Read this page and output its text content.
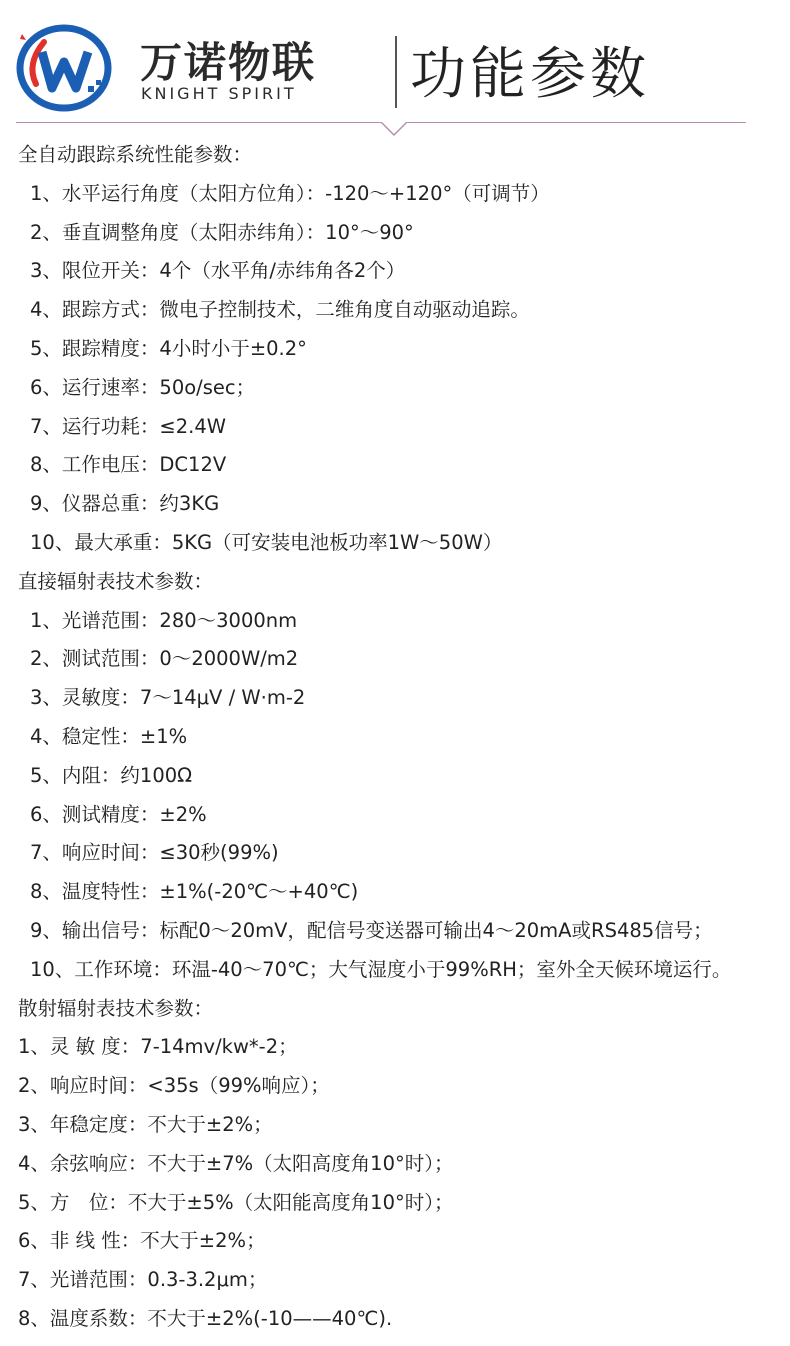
万诺物联
KNIGHT SPIRIT 功能参数
全自动跟踪系统性能参数：
1、水平运行角度（太阳方位角）：-120～+120°（可调节）
2、垂直调整角度（太阳赤纬角）：10°～90°
3、限位开关：4个（水平角/赤纬角各2个）
4、跟踪方式：微电子控制技术，二维角度自动驱动追踪。
5、跟踪精度：4小时小于±0.2°
6、运行速率：50o/sec；
7、运行功耗：≤2.4W
8、工作电压：DC12V
9、仪器总重：约3KG
10、最大承重：5KG（可安装电池板功率1W～50W）
直接辐射表技术参数：
1、光谱范围：280～3000nm
2、测试范围：0～2000W/m2
3、灵敏度：7～14μV / W·m-2
4、稳定性：±1%
5、内阻：约100Ω
6、测试精度：±2%
7、响应时间：≤30秒(99%)
8、温度特性：±1%(-20℃～+40℃)
9、输出信号：标配0～20mV，配信号变送器可输出4～20mA或RS485信号；
10、工作环境：环温-40～70℃；大气湿度小于99%RH；室外全天候环境运行。
散射辐射表技术参数：
1、灵 敏 度：7-14mv/kw*-2；
2、响应时间：<35s（99%响应）；
3、年稳定度：不大于±2%；
4、余弦响应：不大于±7%（太阳高度角10°时）；
5、方　位：不大于±5%（太阳能高度角10°时）；
6、非 线 性：不大于±2%；
7、光谱范围：0.3-3.2μm；
8、温度系数：不大于±2%(-10——40℃).
